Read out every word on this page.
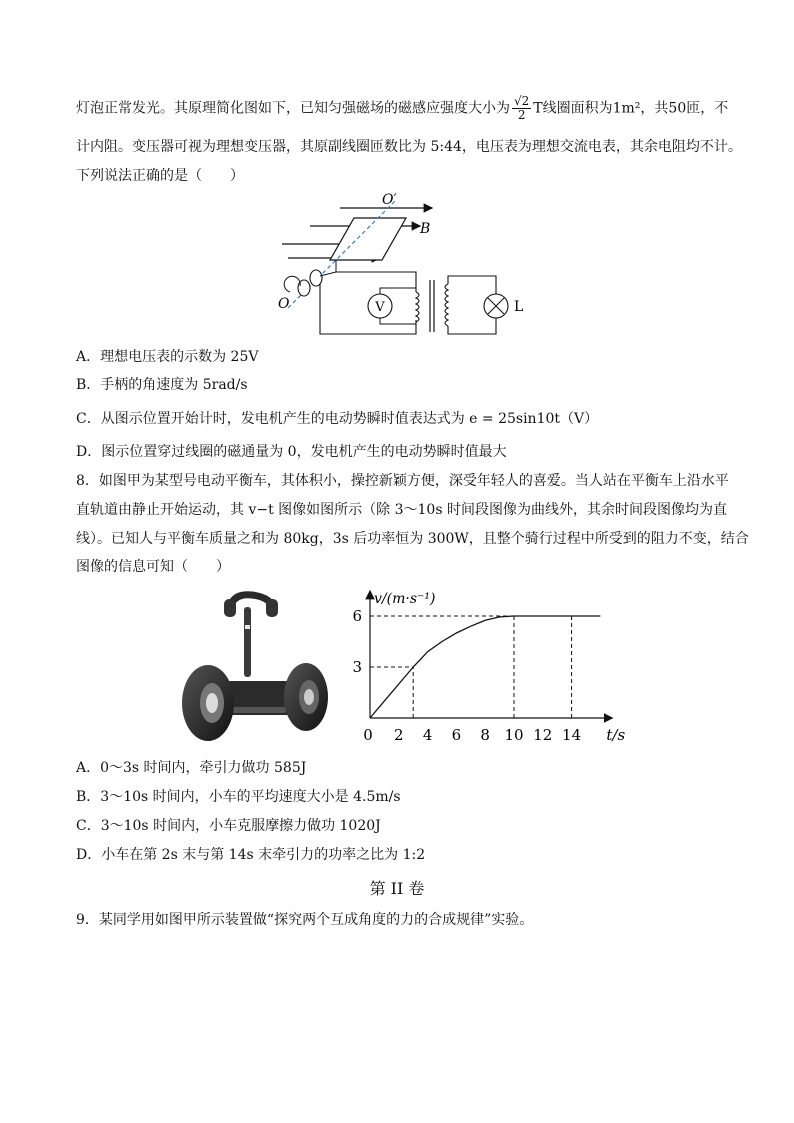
灯泡正常发光。其原理简化图如下，已知匀强磁场的磁感应强度大小为 $\frac{√2}{2}$ T线圈面积为1m²，共50匝，不
计内阻。变压器可视为理想变压器，其原副线圈匝数比为 5:44，电压表为理想交流电表，其余电阻均不计。
下列说法正确的是（　　）
V
O′
B
O	L
A．理想电压表的示数为 25V
B．手柄的角速度为 5rad/s
C．从图示位置开始计时，发电机产生的电动势瞬时值表达式为 e = 25sin10t（V）
D．图示位置穿过线圈的磁通量为 0，发电机产生的电动势瞬时值最大
8．如图甲为某型号电动平衡车，其体积小，操控新颖方便，深受年轻人的喜爱。当人站在平衡车上沿水平
直轨道由静止开始运动，其 v−t 图像如图所示（除 3～10s 时间段图像为曲线外，其余时间段图像均为直
线）。已知人与平衡车质量之和为 80kg，3s 后功率恒为 300W，且整个骑行过程中所受到的阻力不变，结合
图像的信息可知（　　）
v/(m·s⁻¹)
t/s
0 2 4 6 8 10 12 14
3
6
A．0～3s 时间内，牵引力做功 585J
B．3～10s 时间内，小车的平均速度大小是 4.5m/s
C．3～10s 时间内，小车克服摩擦力做功 1020J
D．小车在第 2s 末与第 14s 末牵引力的功率之比为 1:2
第 II 卷
9．某同学用如图甲所示装置做“探究两个互成角度的力的合成规律”实验。
